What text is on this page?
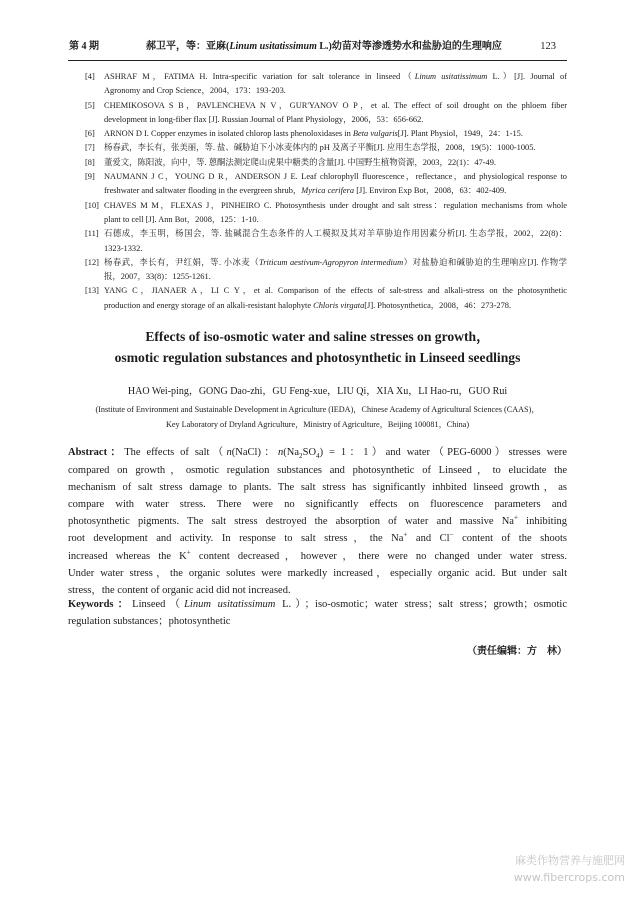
第 4 期	郝卫平，等：亚麻(Linum usitatissimum L.)幼苗对等渗透势水和盐胁迫的生理响应	123
[4]	ASHRAF M，FATIMA H. Intra-specific variation for salt tolerance in linseed（Linum usitatissimum L.）[J]. Journal of
Agronomy and Crop Science，2004，173：193-203.
[5]	CHEMIKOSOVA S B，PAVLENCHEVA N V，GUR'YANOV O P，et al. The effect of soil drought on the phloem fiber
development in long-fiber flax [J]. Russian Journal of Plant Physiology，2006，53：656-662.
[6]	ARNON D I. Copper enzymes in isolated chlorop lasts phenoloxidases in Beta vulgaris[J]. Plant Physiol，1949，24：1-15.
[7]	杨春武，李长有，张美丽，等. 盐、碱胁迫下小冰麦体内的 pH 及离子平衡[J]. 应用生态学报，2008，19(5)：1000-1005.
[8]	董爱文，陈阳波，向中，等. 蒽酮法测定爬山虎果中糖类的含量[J]. 中国野生植物资源，2003，22(1)：47-49.
[9]	NAUMANN J C，YOUNG D R，ANDERSON J E. Leaf chlorophyll fluorescence，reflectance，and physiological response to
freshwater and saltwater flooding in the evergreen shrub，Myrica cerifera [J]. Environ Exp Bot，2008，63：402-409.
[10] CHAVES M M，FLEXAS J，PINHEIRO C. Photosynthesis under drought and salt stress：regulation mechanisms from whole
plant to cell [J]. Ann Bot，2008，125：1-10.
[11] 石德成，李玉明，杨国会，等. 盐碱混合生态条件的人工模拟及其对羊草胁迫作用因素分析[J]. 生态学报，2002，22(8)：
1323-1332.
[12] 杨春武，李长有，尹红娟，等. 小冰麦（Triticum aestivum-Agropyron intermedium）对盐胁迫和碱胁迫的生理响应[J]. 作物学
报，2007，33(8)：1255-1261.
[13] YANG C，JIANAER A，LI C Y，et al. Comparison of the effects of salt-stress and alkali-stress on the photosynthetic
production and energy storage of an alkali-resistant halophyte Chloris virgata[J]. Photosynthetica，2008，46：273-278.
Effects of iso-osmotic water and saline stresses on growth，
osmotic regulation substances and photosynthetic in Linseed seedlings
HAO Wei-ping，GONG Dao-zhi，GU Feng-xue，LIU Qi，XIA Xu，LI Hao-ru，GUO Rui
(Institute of Environment and Sustainable Development in Agriculture (IEDA)，Chinese Academy of Agricultural Sciences (CAAS)，
Key Laboratory of Dryland Agriculture，Ministry of Agriculture，Beijing 100081，China)
Abstract：The effects of salt（n(NaCl)：$n(Na_2SO_4) = 1$：1）and water（PEG-6000）stresses were
compared on growth，osmotic regulation substances and photosynthetic of Linseed，to elucidate the
mechanism of salt stress damage to plants. The salt stress has significantly inhbited linseed growth，as
compare with water stress. There were no significantly effects on fluorescence parameters and
photosynthetic pigments. The salt stress destroyed the absorption of water and massive Na+ inhibiting
root development and activity. In response to salt stress，the Na+ and Cl− content of the shoots
increased whereas the K+ content decreased，however，there were no changed under water stress.
Under water stress，the organic solutes were markedly increased，especially organic acid. But under salt
stress，the content of organic acid did not increased.
Keywords：Linseed（Linum usitatissimum L.）；iso-osmotic；water stress；salt stress；growth；osmotic
regulation substances；photosynthetic
（责任编辑：方　林）
麻类作物营养与施肥网
www.fibercrops.com
